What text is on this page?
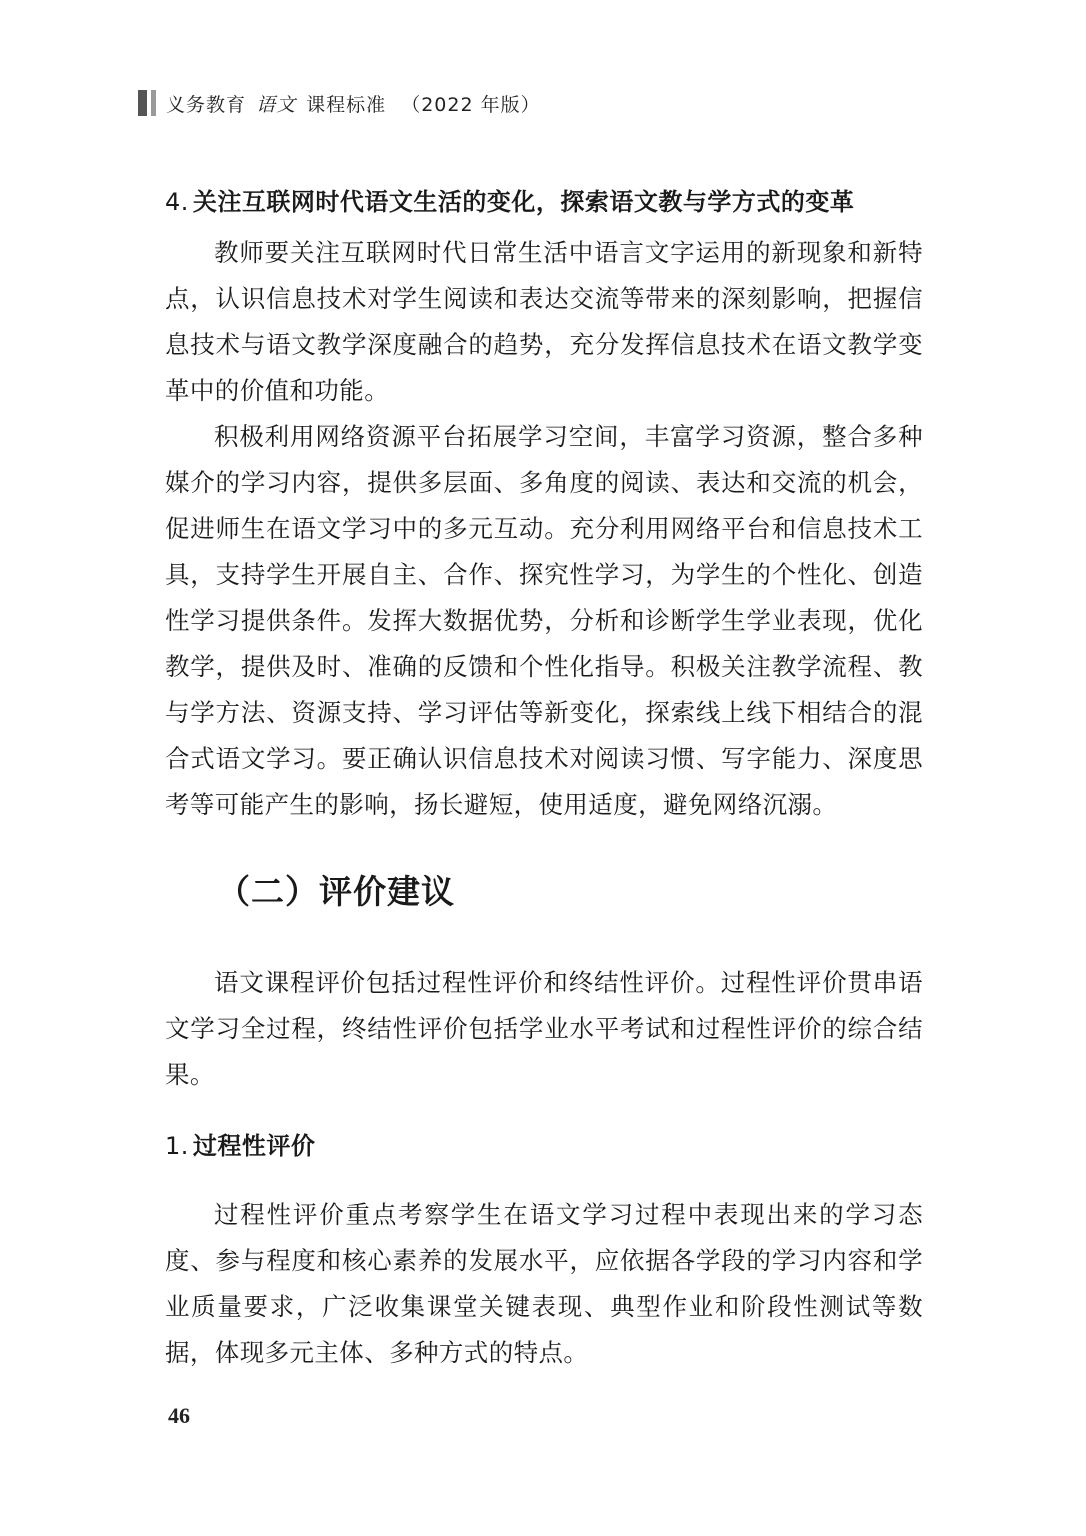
义务教育 语文 课程标准 （2022 年版）
4. 关注互联网时代语文生活的变化，探索语文教与学方式的变革

教师要关注互联网时代日常生活中语言文字运用的新现象和新特点，认识信息技术对学生阅读和表达交流等带来的深刻影响，把握信息技术与语文教学深度融合的趋势，充分发挥信息技术在语文教学变革中的价值和功能。

积极利用网络资源平台拓展学习空间，丰富学习资源，整合多种媒介的学习内容，提供多层面、多角度的阅读、表达和交流的机会，促进师生在语文学习中的多元互动。充分利用网络平台和信息技术工具，支持学生开展自主、合作、探究性学习，为学生的个性化、创造性学习提供条件。发挥大数据优势，分析和诊断学生学业表现，优化教学，提供及时、准确的反馈和个性化指导。积极关注教学流程、教与学方法、资源支持、学习评估等新变化，探索线上线下相结合的混合式语文学习。要正确认识信息技术对阅读习惯、写字能力、深度思考等可能产生的影响，扬长避短，使用适度，避免网络沉溺。

（二）评价建议

语文课程评价包括过程性评价和终结性评价。过程性评价贯串语文学习全过程，终结性评价包括学业水平考试和过程性评价的综合结果。

1. 过程性评价

过程性评价重点考察学生在语文学习过程中表现出来的学习态度、参与程度和核心素养的发展水平，应依据各学段的学习内容和学业质量要求，广泛收集课堂关键表现、典型作业和阶段性测试等数据，体现多元主体、多种方式的特点。

46
